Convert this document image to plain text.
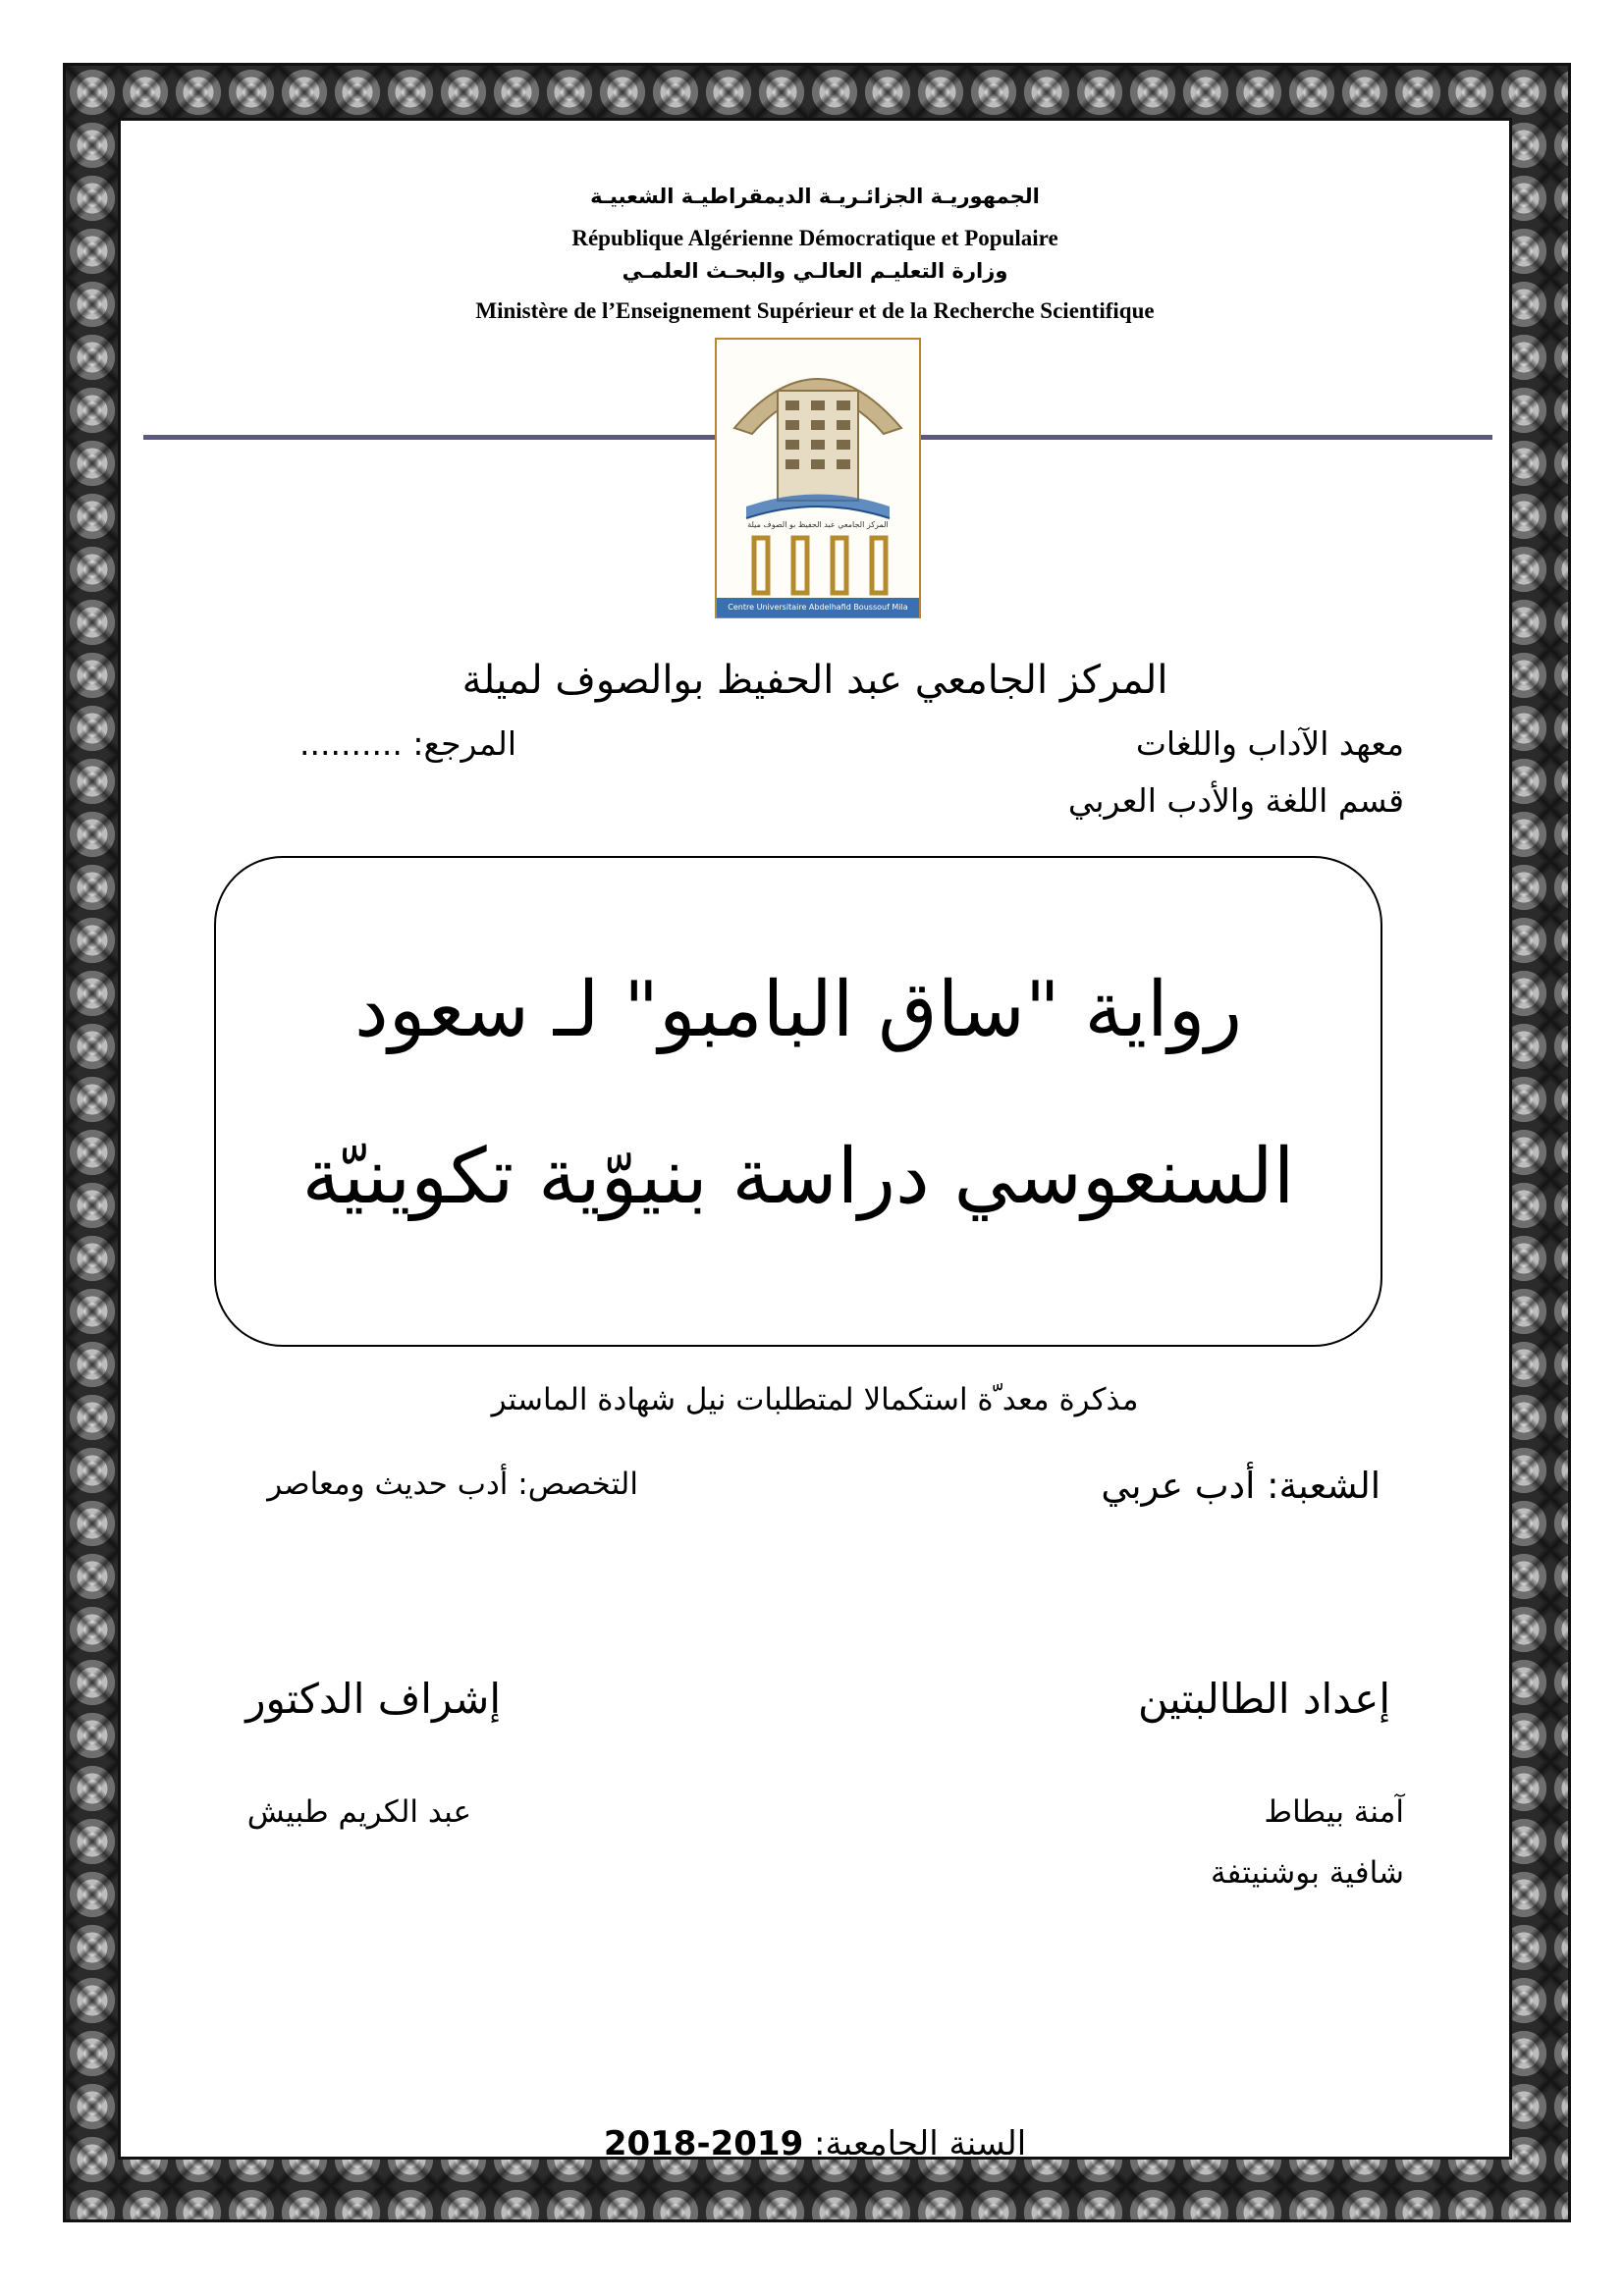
الجمهوريـة الجزائـريـة الديمقراطيـة الشعبيـة
République Algérienne Démocratique et Populaire
وزارة التعليـم العالـي والبحـث العلمـي
Ministère de l’Enseignement Supérieur et de la Recherche Scientifique
المركز الجامعي عبد الحفيظ بو الصوف ميلة
Centre Universitaire Abdelhafid Boussouf Mila
المركز الجامعي عبد الحفيظ بوالصوف لميلة
معهد الآداب واللغات
المرجع: ..........
قسم اللغة والأدب العربي
رواية "ساق البامبو" لـ سعود
السنعوسي دراسة بنيوّية تكوينيّة
مذكرة معد ّة استكمالا لمتطلبات نيل شهادة الماستر
الشعبة: أدب عربي
التخصص: أدب حديث ومعاصر
إعداد الطالبتين
إشراف الدكتور
آمنة بيطاط
شافية بوشنيتفة
عبد الكريم طبيش
السنة الجامعية: 2019-2018
